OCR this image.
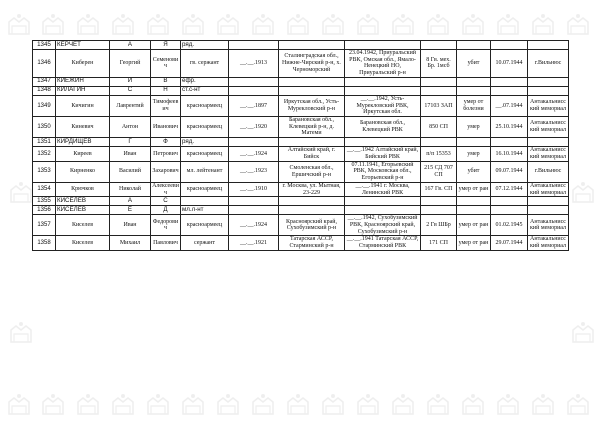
1345	КЕРЧЕТ	А	Я	ряд.							
1346	Киберен	Георгий	Семенович	гв. сержант	__.__.1913	Сталинградская обл., Нижне-Чирский р-н, х. Черноморский	23.04.1942, Приуральский РВК, Омская обл., Ямало-Ненецкий НО, Приуральский р-н	8 Гв. мех. Бр. 1мсб	убит	10.07.1944	г.Вильнюс
1347	КИЕЖИН	И	В	ефр.							
1348	КИЛАГИН	С	Н	ст.с-нт							
1349	Кичигин	Лаврентий	Тимофеевич	красноармеец	__.__.1897	Иркутская обл., Усть-Мурекловский р-н	__.__.1942, Усть-Мурекловский РВК, Иркутская обл.	17103 ЗАП	умер от болезни	__.07.1944	Антакальнисский мемориал
1350	Киневич	Антон	Иванович	красноармеец	__.__.1920	Барановская обл., Клевецкий р-н, д. Матеми	Барановская обл., Клевецкий РВК	850 СП	умер	25.10.1944	Антакальнисский мемориал
1351	КИРДИЩЕВ	Г	Ф	ряд.							
1352	Киреев	Иван	Петрович	красноармеец	__.__.1924	Алтайский край, г. Бийск	__.__.1942 Алтайский край, Бийский РВК	п/п 15353	умер	16.10.1944	Антакальнисский мемориал
1353	Кирненко	Василий	Захарович	мл. лейтенант	__.__.1923	Смоленская обл., Ершичский р-н	07.11.1941, Егорьевский РВК, Московская обл., Егорьевский р-н	215 СД 707 СП	убит	09.07.1944	г.Вильнюс
1354	Крючков	Николай	Алексеевич	красноармеец	__.__.1910	г. Москва, ул. Мытная, 23-229	__.__.1941 г. Москва, Ленинский РВК	167 Гв. СП	умер от ран	07.12.1944	Антакальнисский мемориал
1355	КИСЕЛЕВ	А	С								
1356	КИСЕЛЕВ	Е	Д	мл.л-нт							
1357	Киселев	Иван	Федорович	красноармеец	__.__.1924	Красноярский край, Сухобузимский р-н	__.__.1942, Сухобузимский РВК, Красноярский край, Сухобузимский р-н	2 Гв ШБр	умер от ран	01.02.1945	Антакальнисский мемориал
1358	Киселев	Михаил	Павлович	сержант	__.__.1921	Татарская АССР, Старминский р-н	__.__.1941 Татарская АССР, Старминский РВК	171 СП	умер от ран	29.07.1944	Антакальнисский мемориал
